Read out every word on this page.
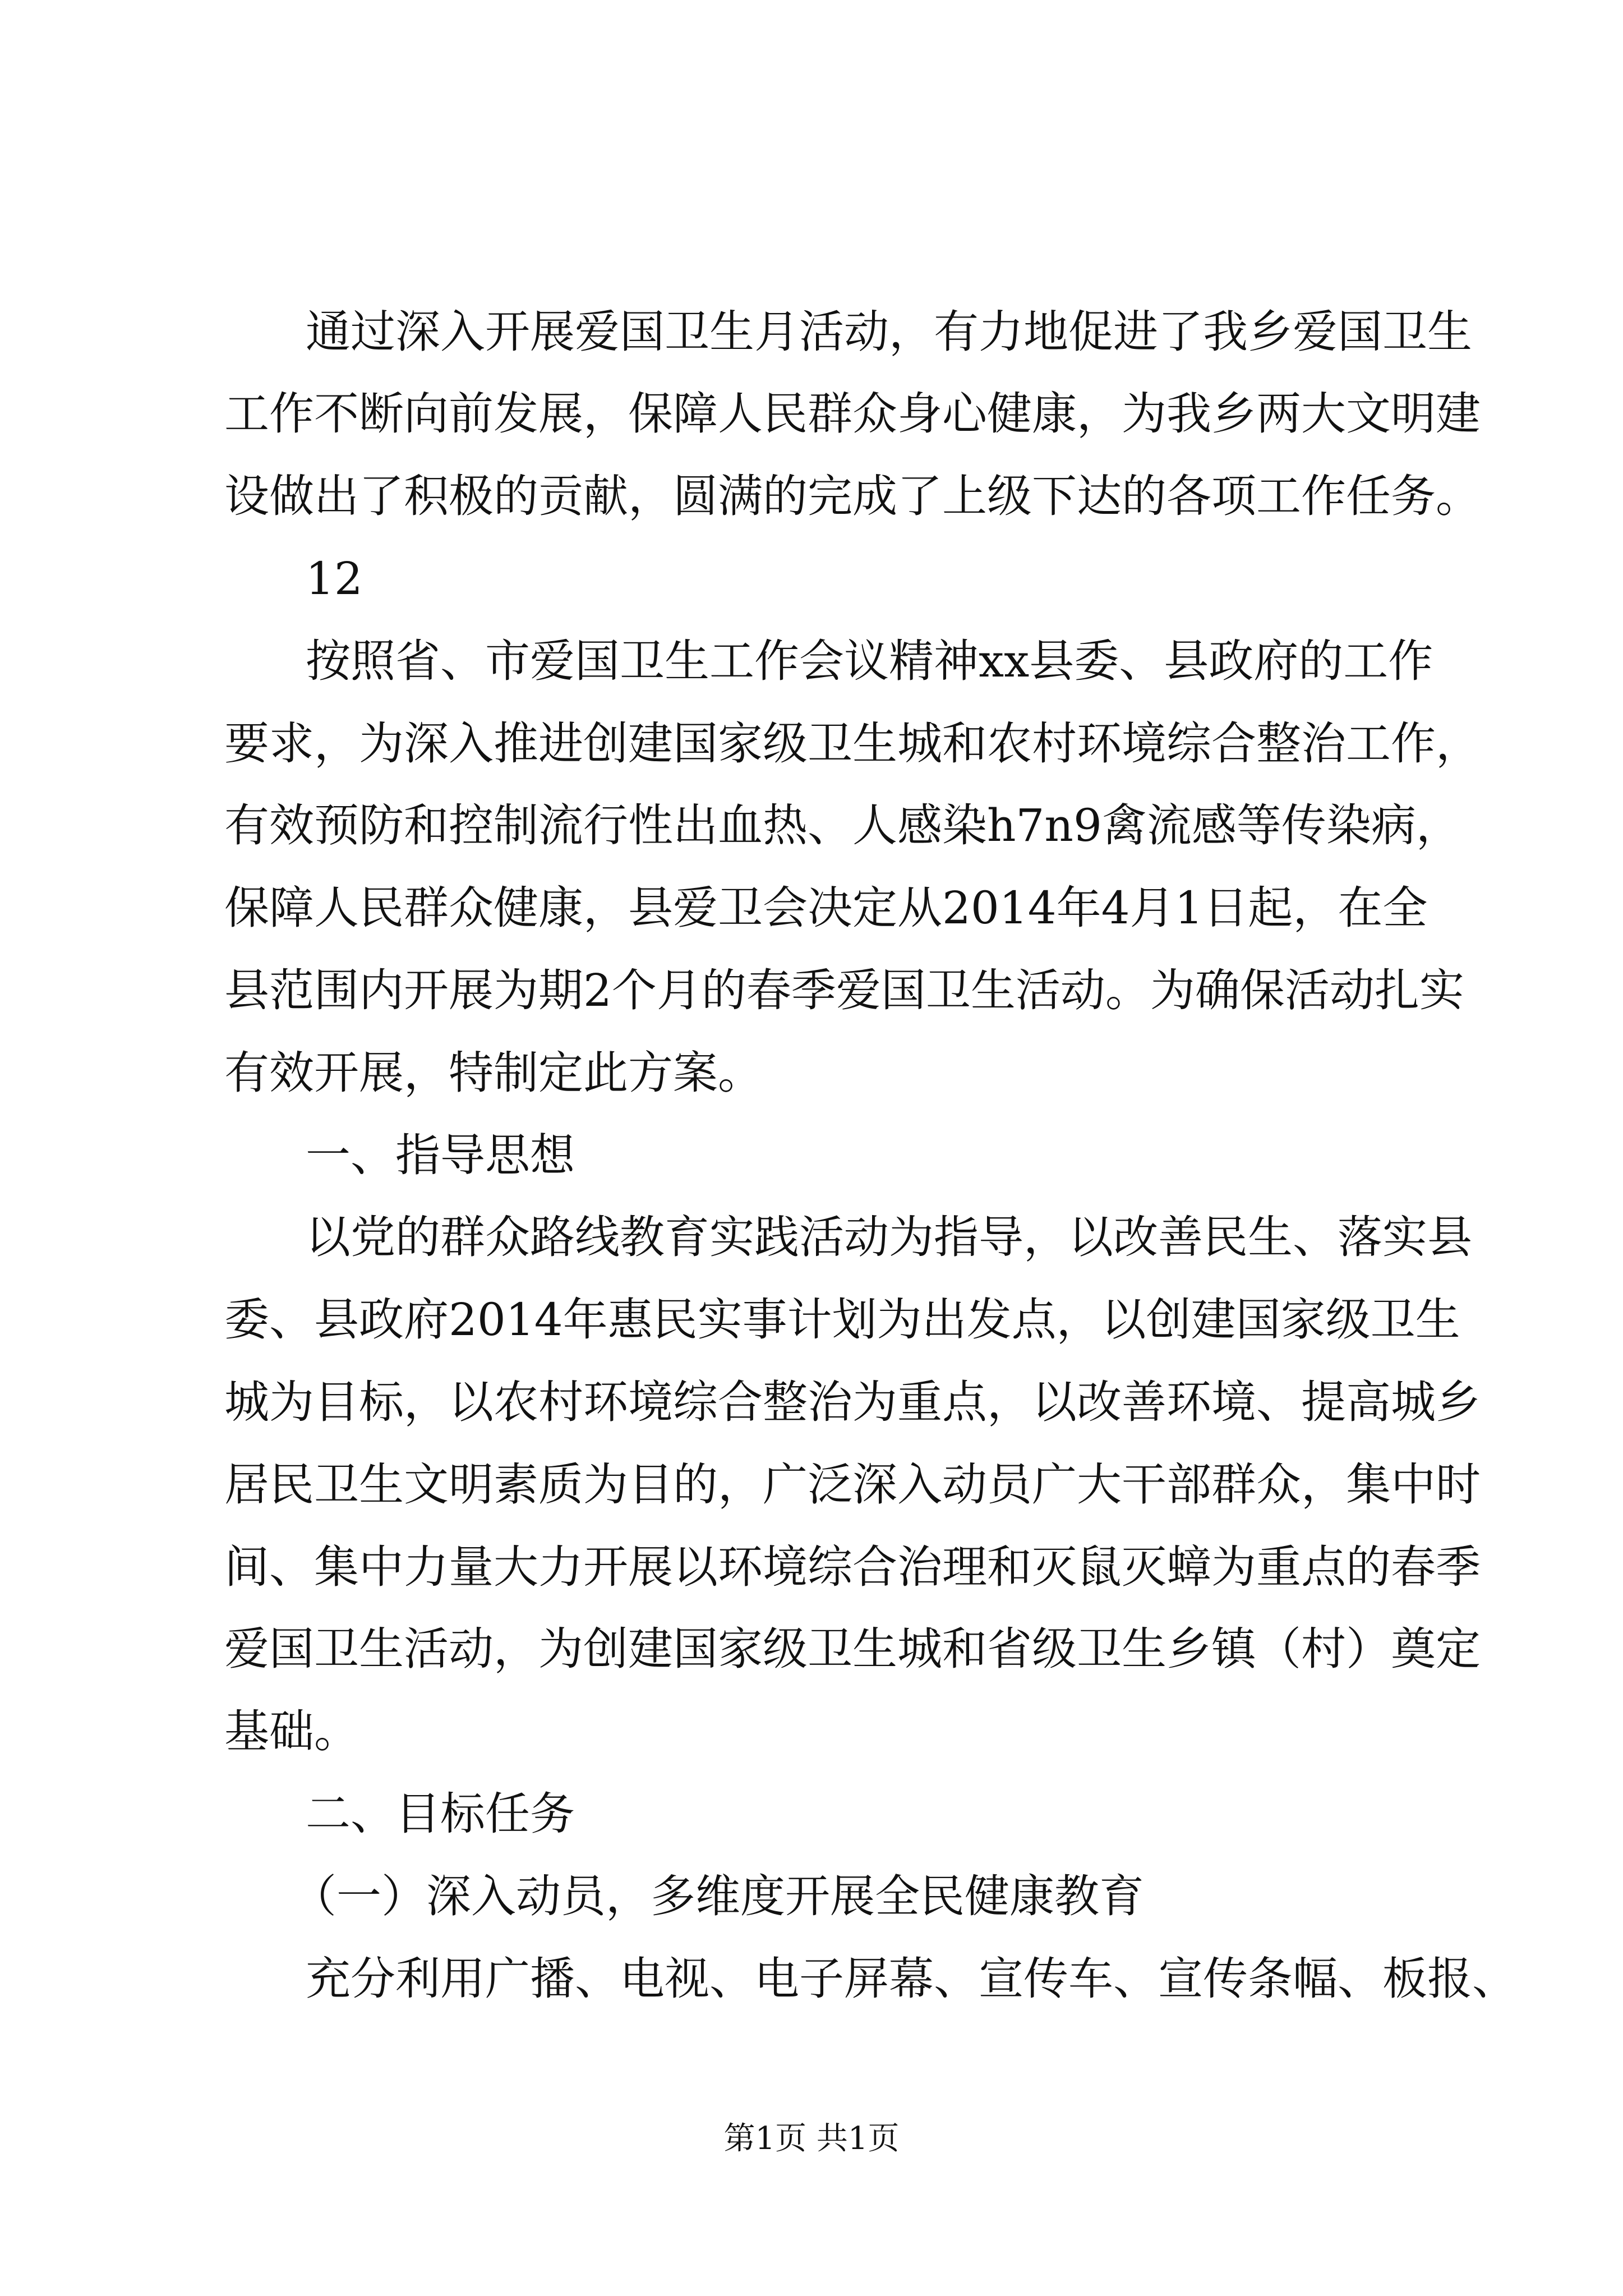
通过深入开展爱国卫生月活动，有力地促进了我乡爱国卫生
工作不断向前发展，保障人民群众身心健康，为我乡两大文明建
设做出了积极的贡献，圆满的完成了上级下达的各项工作任务。
12
按照省、市爱国卫生工作会议精神xx县委、县政府的工作
要求，为深入推进创建国家级卫生城和农村环境综合整治工作，
有效预防和控制流行性出血热、人感染h7n9禽流感等传染病，
保障人民群众健康，县爱卫会决定从2014年4月1日起，在全
县范围内开展为期2个月的春季爱国卫生活动。为确保活动扎实
有效开展，特制定此方案。
一、指导思想
以党的群众路线教育实践活动为指导，以改善民生、落实县
委、县政府2014年惠民实事计划为出发点，以创建国家级卫生
城为目标，以农村环境综合整治为重点，以改善环境、提高城乡
居民卫生文明素质为目的，广泛深入动员广大干部群众，集中时
间、集中力量大力开展以环境综合治理和灭鼠灭蟑为重点的春季
爱国卫生活动，为创建国家级卫生城和省级卫生乡镇（村）奠定
基础。
二、目标任务
（一）深入动员，多维度开展全民健康教育
充分利用广播、电视、电子屏幕、宣传车、宣传条幅、板报、
第1页 共1页
